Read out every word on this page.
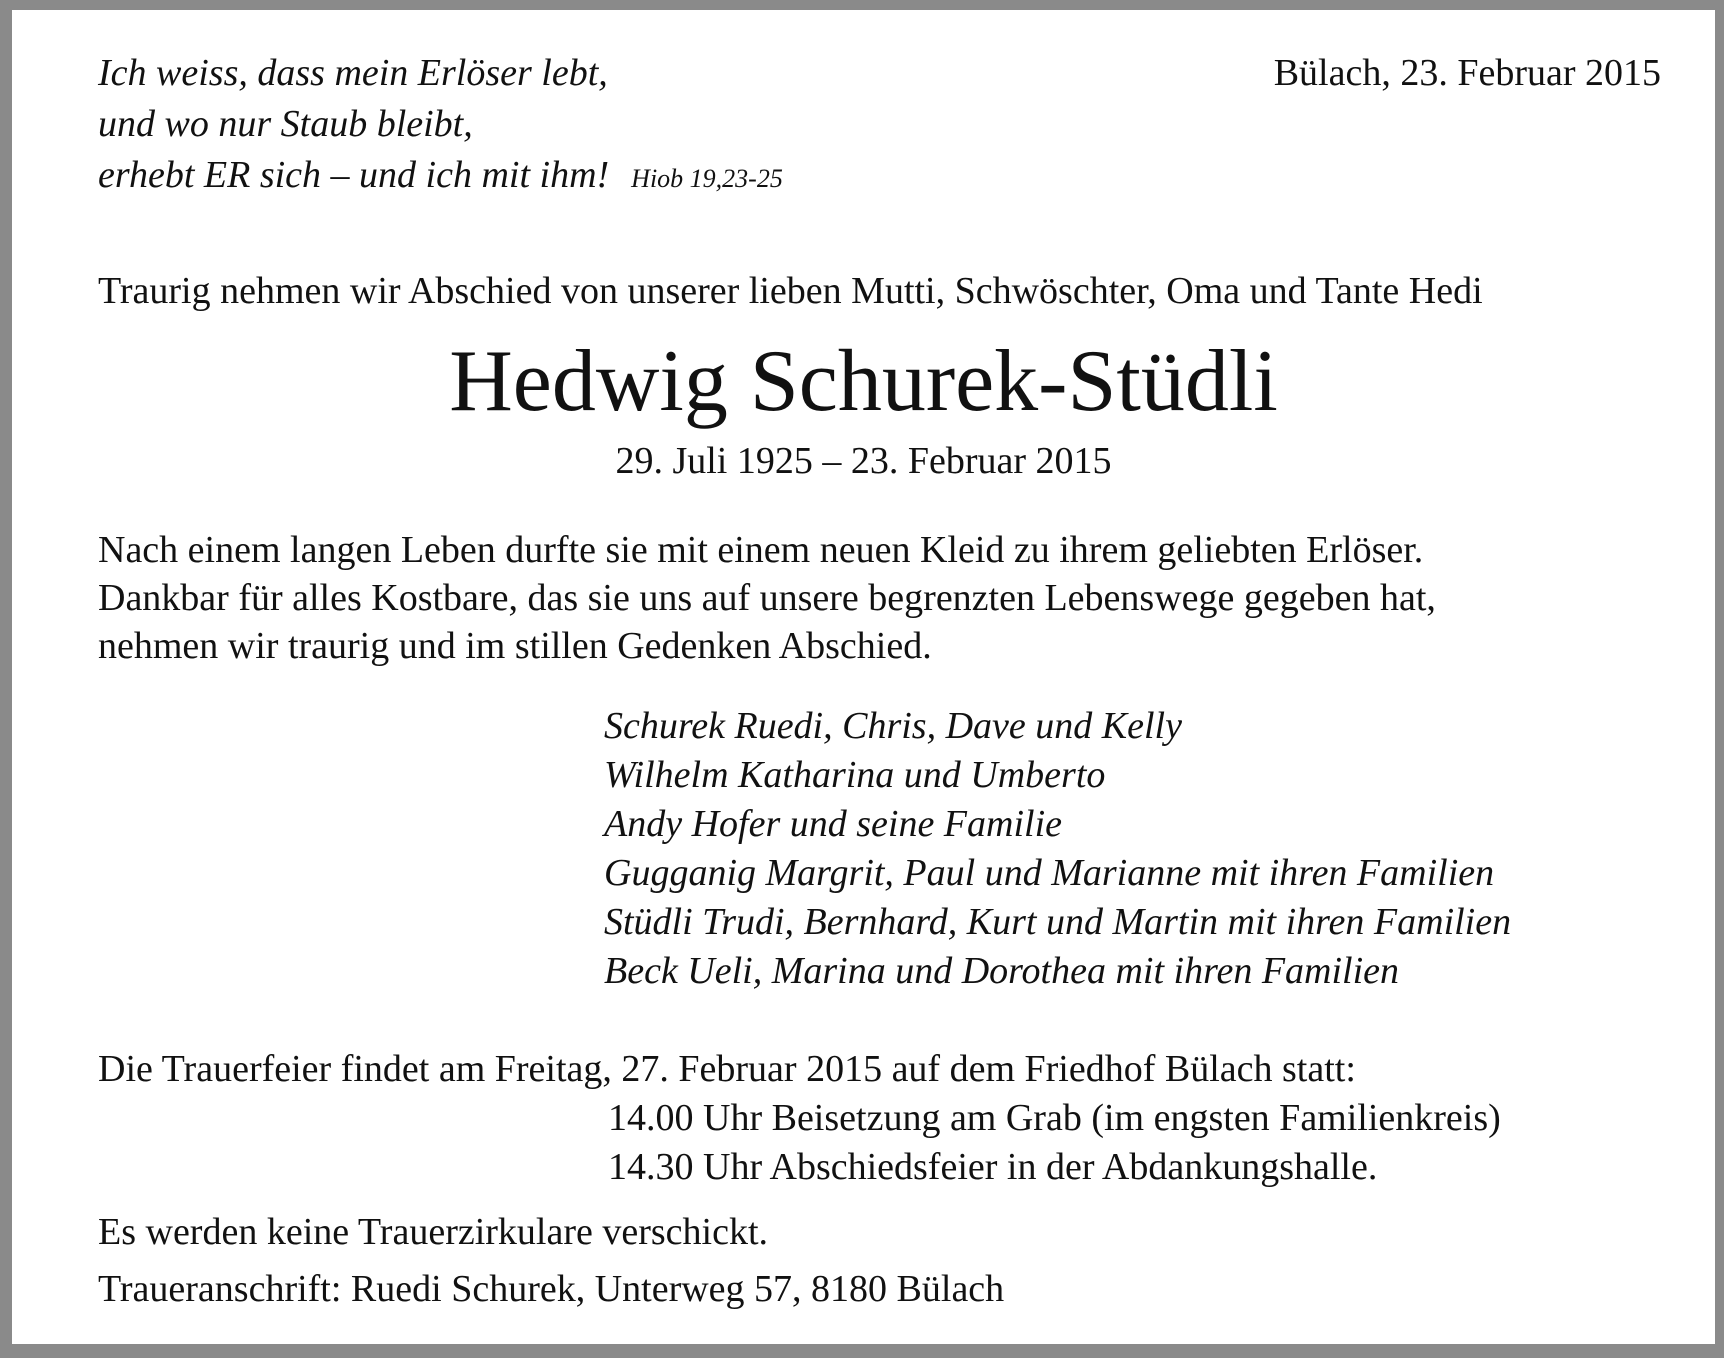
Ich weiss, dass mein Erlöser lebt,
und wo nur Staub bleibt,
erhebt ER sich – und ich mit ihm! Hiob 19,23-25
Bülach, 23. Februar 2015
Traurig nehmen wir Abschied von unserer lieben Mutti, Schwöschter, Oma und Tante Hedi
Hedwig Schurek-Stüdli
29. Juli 1925 – 23. Februar 2015
Nach einem langen Leben durfte sie mit einem neuen Kleid zu ihrem geliebten Erlöser.
Dankbar für alles Kostbare, das sie uns auf unsere begrenzten Lebenswege gegeben hat,
nehmen wir traurig und im stillen Gedenken Abschied.
Schurek Ruedi, Chris, Dave und Kelly
Wilhelm Katharina und Umberto
Andy Hofer und seine Familie
Gugganig Margrit, Paul und Marianne mit ihren Familien
Stüdli Trudi, Bernhard, Kurt und Martin mit ihren Familien
Beck Ueli, Marina und Dorothea mit ihren Familien
Die Trauerfeier findet am Freitag, 27. Februar 2015 auf dem Friedhof Bülach statt:
14.00 Uhr Beisetzung am Grab (im engsten Familienkreis)
14.30 Uhr Abschiedsfeier in der Abdankungshalle.
Es werden keine Trauerzirkulare verschickt.
Traueranschrift: Ruedi Schurek, Unterweg 57, 8180 Bülach
